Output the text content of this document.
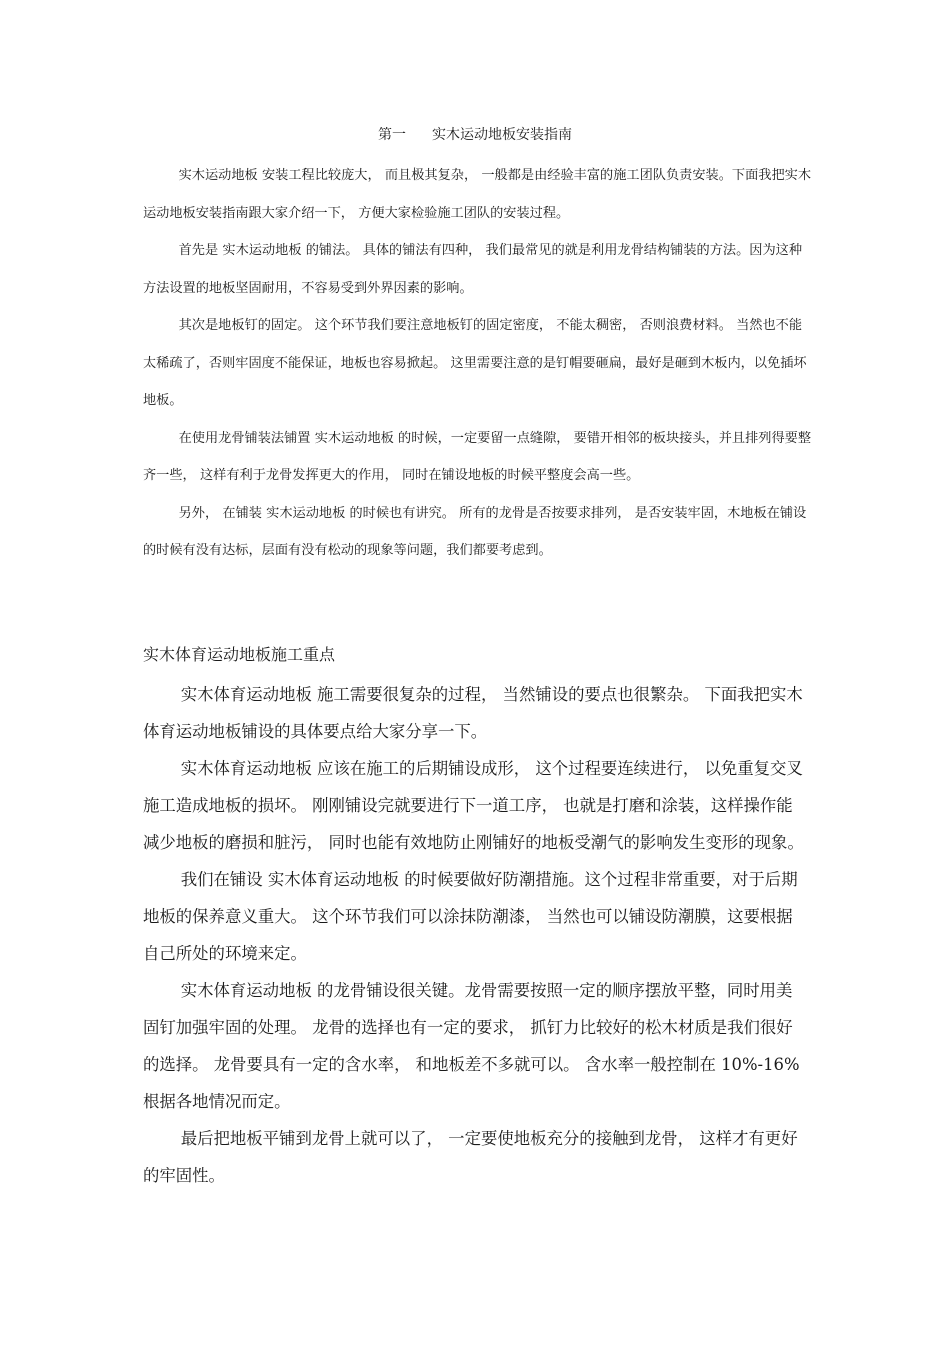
第一 实木运动地板安装指南

实木运动地板 安装工程比较庞大， 而且极其复杂， 一般都是由经验丰富的施工团队负责安装。下面我把实木运动地板安装指南跟大家介绍一下， 方便大家检验施工团队的安装过程。

首先是 实木运动地板 的铺法。 具体的铺法有四种， 我们最常见的就是利用龙骨结构铺装的方法。因为这种方法设置的地板坚固耐用，不容易受到外界因素的影响。

其次是地板钉的固定。 这个环节我们要注意地板钉的固定密度， 不能太稠密， 否则浪费材料。 当然也不能太稀疏了，否则牢固度不能保证，地板也容易掀起。 这里需要注意的是钉帽要砸扁，最好是砸到木板内，以免插坏地板。

在使用龙骨铺装法铺置 实木运动地板 的时候，一定要留一点缝隙， 要错开相邻的板块接头，并且排列得要整齐一些， 这样有利于龙骨发挥更大的作用， 同时在铺设地板的时候平整度会高一些。

另外， 在铺装 实木运动地板 的时候也有讲究。 所有的龙骨是否按要求排列， 是否安装牢固，木地板在铺设的时候有没有达标，层面有没有松动的现象等问题，我们都要考虑到。

实木体育运动地板施工重点

实木体育运动地板 施工需要很复杂的过程， 当然铺设的要点也很繁杂。 下面我把实木体育运动地板铺设的具体要点给大家分享一下。

实木体育运动地板 应该在施工的后期铺设成形， 这个过程要连续进行， 以免重复交叉施工造成地板的损坏。 刚刚铺设完就要进行下一道工序， 也就是打磨和涂装，这样操作能减少地板的磨损和脏污， 同时也能有效地防止刚铺好的地板受潮气的影响发生变形的现象。

我们在铺设 实木体育运动地板 的时候要做好防潮措施。这个过程非常重要，对于后期地板的保养意义重大。 这个环节我们可以涂抹防潮漆， 当然也可以铺设防潮膜，这要根据自己所处的环境来定。

实木体育运动地板 的龙骨铺设很关键。龙骨需要按照一定的顺序摆放平整，同时用美固钉加强牢固的处理。 龙骨的选择也有一定的要求， 抓钉力比较好的松木材质是我们很好的选择。 龙骨要具有一定的含水率， 和地板差不多就可以。 含水率一般控制在 10%-16% 根据各地情况而定。

最后把地板平铺到龙骨上就可以了， 一定要使地板充分的接触到龙骨， 这样才有更好的牢固性。
